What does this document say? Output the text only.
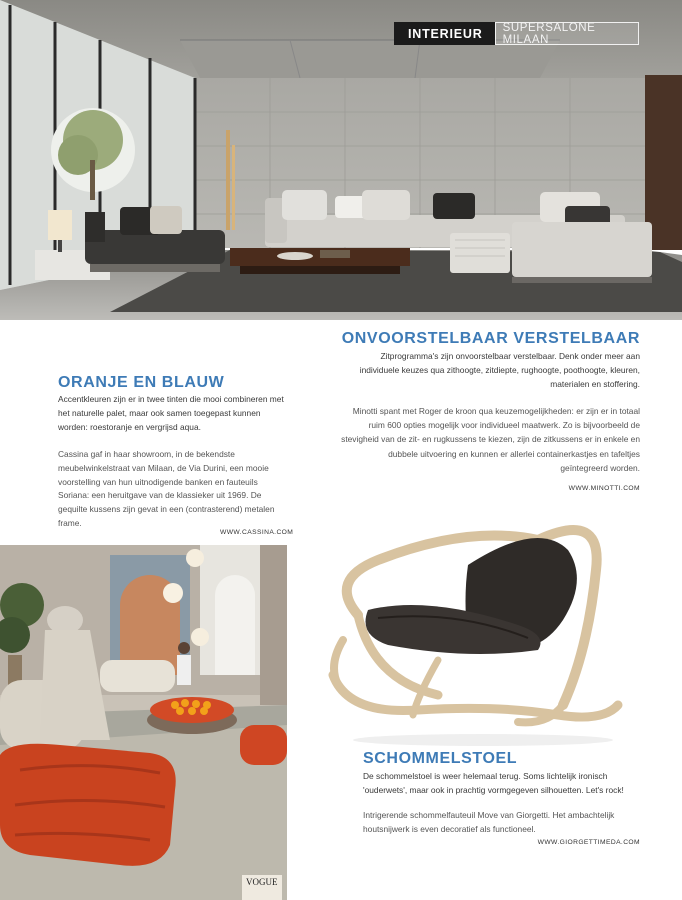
INTERIEUR	SUPERSALONE MILAAN
ONVOORSTELBAAR VERSTELBAAR

Zitprogramma's zijn onvoorstelbaar verstelbaar. Denk onder meer aan individuele keuzes qua zithoogte, zitdiepte, rughoogte, poothoogte, kleuren, materialen en stoffering.

Minotti spant met Roger de kroon qua keuzemogelijkheden: er zijn er in totaal ruim 600 opties mogelijk voor individueel maatwerk. Zo is bijvoorbeeld de stevigheid van de zit- en rugkussens te kiezen, zijn de zitkussens er in enkele en dubbele uitvoering en kunnen er allerlei containerkastjes en tafeltjes geïntegreerd worden.

WWW.MINOTTI.COM
ORANJE EN BLAUW

Accentkleuren zijn er in twee tinten die mooi combineren met het naturelle palet, maar ook samen toegepast kunnen worden: roestoranje en vergrijsd aqua.

Cassina gaf in haar showroom, in de bekendste meubelwinkelstraat van Milaan, de Via Durini, een mooie voorstelling van hun uitnodigende banken en fauteuils Soriana: een heruitgave van de klassieker uit 1969. De gequilte kussens zijn gevat in een (contrasterend) metalen frame.

WWW.CASSINA.COM
VOGUE
SCHOMMELSTOEL

De schommelstoel is weer helemaal terug. Soms lichtelijk ironisch 'ouderwets', maar ook in prachtig vormgegeven silhouetten. Let's rock!

Intrigerende schommelfauteuil Move van Giorgetti. Het ambachtelijk houtsnijwerk is even decoratief als functioneel.

WWW.GIORGETTIMEDA.COM
